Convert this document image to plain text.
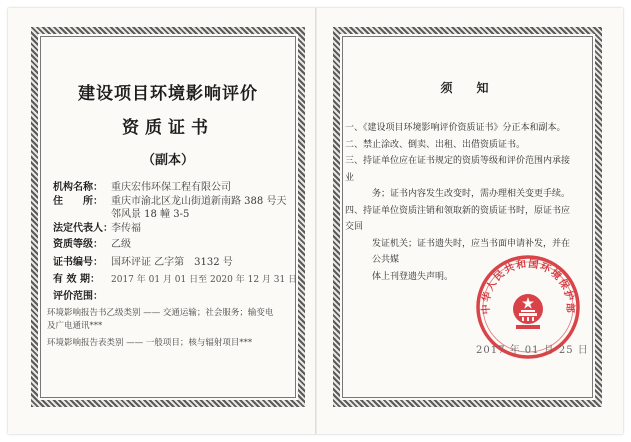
建设项目环境影响评价
资质证书
（副本）
机构名称： 重庆宏伟环保工程有限公司
住　　所： 重庆市渝北区龙山街道新南路 388 号天邻风景 18 幢 3-5
法定代表人：李传福
资质等级： 乙级
证书编号： 国环评证 乙字第　3132 号
有 效 期： 2017 年 01 月 01 日至 2020 年 12 月 31 日
评价范围：
环境影响报告书乙级类别 —— 交通运输；社会服务；输变电
及广电通讯***
环境影响报告表类别 —— 一般项目；核与辐射项目***
须　知

一、《建设项目环境影响评价资质证书》分正本和副本。

二、禁止涂改、倒卖、出租、出借资质证书。

三、持证单位应在证书规定的资质等级和评价范围内承接业

务；证书内容发生改变时，需办理相关变更手续。

四、持证单位资质注销和领取新的资质证书时，原证书应交回

发证机关；证书遗失时，应当书面申请补发，并在公共媒

体上刊登遗失声明。

中华人民共和国环境保护部
2017 年 01 月 25 日
